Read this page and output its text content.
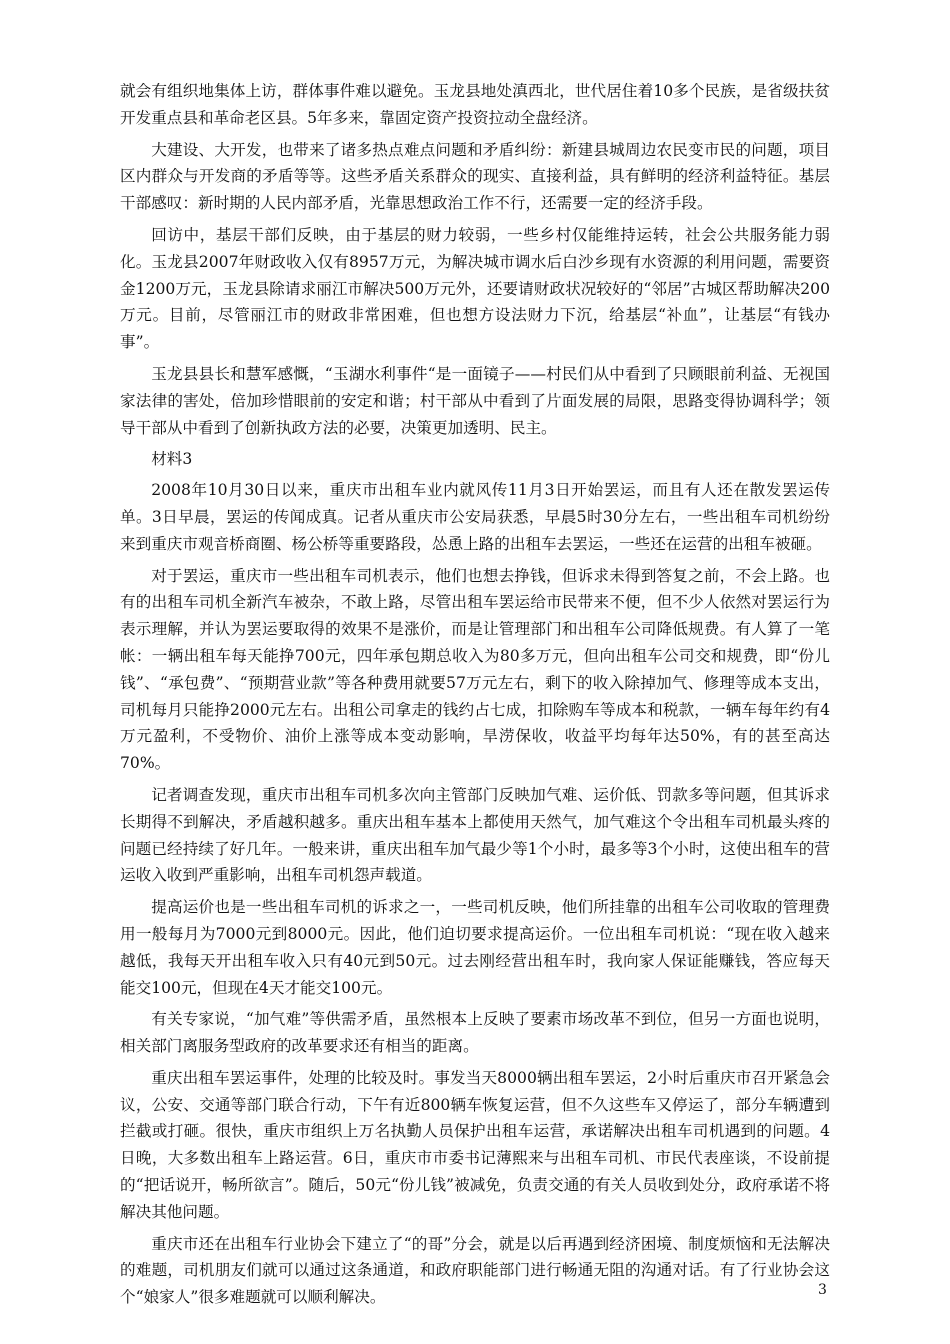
就会有组织地集体上访，群体事件难以避免。玉龙县地处滇西北，世代居住着10多个民族，是省级扶贫开发重点县和革命老区县。5年多来，靠固定资产投资拉动全盘经济。

大建设、大开发，也带来了诸多热点难点问题和矛盾纠纷：新建县城周边农民变市民的问题，项目区内群众与开发商的矛盾等等。这些矛盾关系群众的现实、直接利益，具有鲜明的经济利益特征。基层干部感叹：新时期的人民内部矛盾，光靠思想政治工作不行，还需要一定的经济手段。

回访中，基层干部们反映，由于基层的财力较弱，一些乡村仅能维持运转，社会公共服务能力弱化。玉龙县2007年财政收入仅有8957万元，为解决城市调水后白沙乡现有水资源的利用问题，需要资金1200万元，玉龙县除请求丽江市解决500万元外，还要请财政状况较好的“邻居”古城区帮助解决200万元。目前，尽管丽江市的财政非常困难，但也想方设法财力下沉，给基层“补血”，让基层“有钱办事”。

玉龙县县长和慧军感慨，“玉湖水利事件“是一面镜子——村民们从中看到了只顾眼前利益、无视国家法律的害处，倍加珍惜眼前的安定和谐；村干部从中看到了片面发展的局限，思路变得协调科学；领导干部从中看到了创新执政方法的必要，决策更加透明、民主。

材料3

2008年10月30日以来，重庆市出租车业内就风传11月3日开始罢运，而且有人还在散发罢运传单。3日早晨，罢运的传闻成真。记者从重庆市公安局获悉，早晨5时30分左右，一些出租车司机纷纷来到重庆市观音桥商圈、杨公桥等重要路段，怂恿上路的出租车去罢运，一些还在运营的出租车被砸。

对于罢运，重庆市一些出租车司机表示，他们也想去挣钱，但诉求未得到答复之前，不会上路。也有的出租车司机全新汽车被杂，不敢上路，尽管出租车罢运给市民带来不便，但不少人依然对罢运行为表示理解，并认为罢运要取得的效果不是涨价，而是让管理部门和出租车公司降低规费。有人算了一笔帐：一辆出租车每天能挣700元，四年承包期总收入为80多万元，但向出租车公司交和规费，即“份儿钱”、“承包费”、“预期营业款”等各种费用就要57万元左右，剩下的收入除掉加气、修理等成本支出，司机每月只能挣2000元左右。出租公司拿走的钱约占七成，扣除购车等成本和税款，一辆车每年约有4万元盈利，不受物价、油价上涨等成本变动影响，旱涝保收，收益平均每年达50%，有的甚至高达70%。

记者调查发现，重庆市出租车司机多次向主管部门反映加气难、运价低、罚款多等问题，但其诉求长期得不到解决，矛盾越积越多。重庆出租车基本上都使用天然气，加气难这个令出租车司机最头疼的问题已经持续了好几年。一般来讲，重庆出租车加气最少等1个小时，最多等3个小时，这使出租车的营运收入收到严重影响，出租车司机怨声载道。

提高运价也是一些出租车司机的诉求之一，一些司机反映，他们所挂靠的出租车公司收取的管理费用一般每月为7000元到8000元。因此，他们迫切要求提高运价。一位出租车司机说：“现在收入越来越低，我每天开出租车收入只有40元到50元。过去刚经营出租车时，我向家人保证能赚钱，答应每天能交100元，但现在4天才能交100元。

有关专家说，“加气难”等供需矛盾，虽然根本上反映了要素市场改革不到位，但另一方面也说明，相关部门离服务型政府的改革要求还有相当的距离。

重庆出租车罢运事件，处理的比较及时。事发当天8000辆出租车罢运，2小时后重庆市召开紧急会议，公安、交通等部门联合行动，下午有近800辆车恢复运营，但不久这些车又停运了，部分车辆遭到拦截或打砸。很快，重庆市组织上万名执勤人员保护出租车运营，承诺解决出租车司机遇到的问题。4日晚，大多数出租车上路运营。6日，重庆市市委书记薄熙来与出租车司机、市民代表座谈，不设前提的“把话说开，畅所欲言”。随后，50元“份儿钱”被减免，负责交通的有关人员收到处分，政府承诺不将解决其他问题。

重庆市还在出租车行业协会下建立了“的哥”分会，就是以后再遇到经济困境、制度烦恼和无法解决的难题，司机朋友们就可以通过这条通道，和政府职能部门进行畅通无阻的沟通对话。有了行业协会这个“娘家人”很多难题就可以顺利解决。	3
